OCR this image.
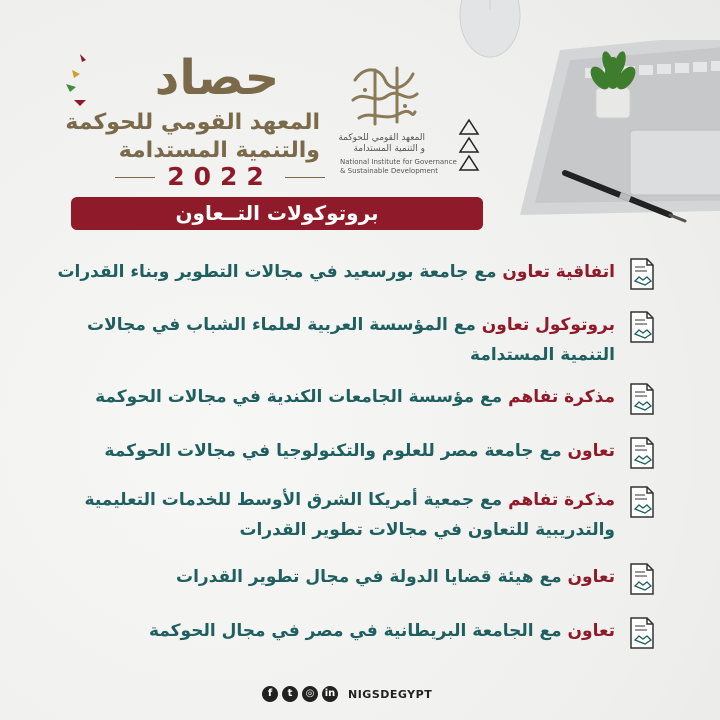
حصاد
المعهد القومي للحوكمة
والتنمية المستدامة
2022
المعهد القومي للحوكمة
و التنمية المستدامة
National Institute for Governance
& Sustainable Development
بروتوكولات التــعاون
اتفاقية تعاون مع جامعة بورسعيد في مجالات التطوير وبناء القدرات
بروتوكول تعاون مع المؤسسة العربية لعلماء الشباب في مجالات التنمية المستدامة
مذكرة تفاهم مع مؤسسة الجامعات الكندية في مجالات الحوكمة
تعاون مع جامعة مصر للعلوم والتكنولوجيا في مجالات الحوكمة
مذكرة تفاهم مع جمعية أمريكا الشرق الأوسط للخدمات التعليمية والتدريبية للتعاون في مجالات تطوير القدرات
تعاون مع هيئة قضايا الدولة في مجال تطوير القدرات
تعاون مع الجامعة البريطانية في مصر في مجال الحوكمة
f	t	◎	in NIGSDEGYPT
